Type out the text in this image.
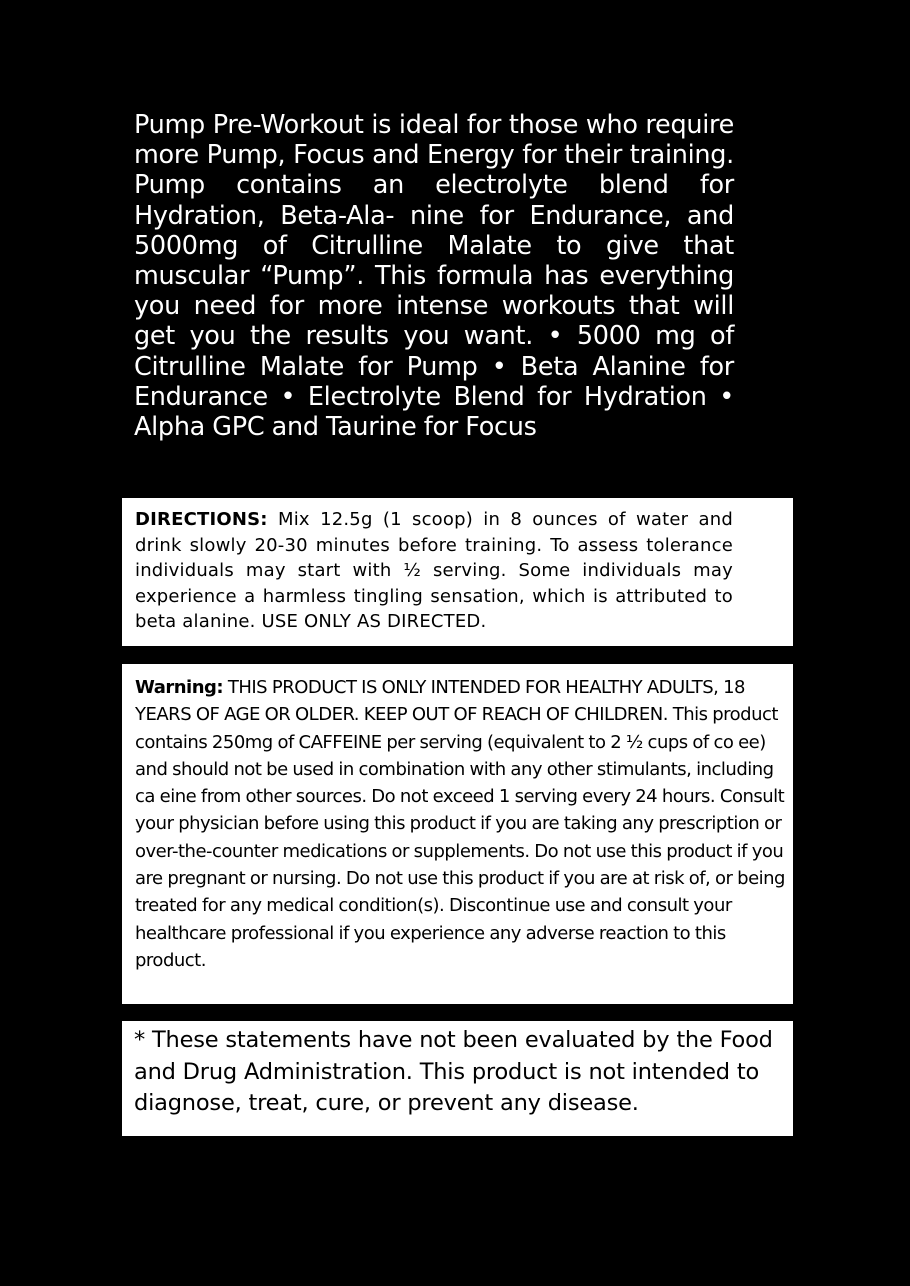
Pump Pre-Workout is ideal for those who require more Pump, Focus and Energy for their training. Pump contains an electrolyte blend for Hydration, Beta-Ala- nine for Endurance, and 5000mg of Citrulline Malate to give that muscular “Pump”. This formula has everything you need for more intense workouts that will get you the results you want. • 5000 mg of Citrulline Malate for Pump • Beta Alanine for Endurance • Electrolyte Blend for Hydration • Alpha GPC and Taurine for Focus
DIRECTIONS: Mix 12.5g (1 scoop) in 8 ounces of water and drink slowly 20-30 minutes before training. To assess tolerance individuals may start with ½ serving. Some individuals may experience a harmless tingling sensation, which is attributed to beta alanine. USE ONLY AS DIRECTED.
Warning: THIS PRODUCT IS ONLY INTENDED FOR HEALTHY ADULTS, 18 YEARS OF AGE OR OLDER. KEEP OUT OF REACH OF CHILDREN. This product contains 250mg of CAFFEINE per serving (equivalent to 2 ½ cups of co ee) and should not be used in combination with any other stimulants, including ca eine from other sources. Do not exceed 1 serving every 24 hours. Consult your physician before using this product if you are taking any prescription or over-the-counter medications or supplements. Do not use this product if you are pregnant or nursing. Do not use this product if you are at risk of, or being treated for any medical condition(s). Discontinue use and consult your healthcare professional if you experience any adverse reaction to this product.
* These statements have not been evaluated by the Food and Drug Administration. This product is not intended to diagnose, treat, cure, or prevent any disease.
